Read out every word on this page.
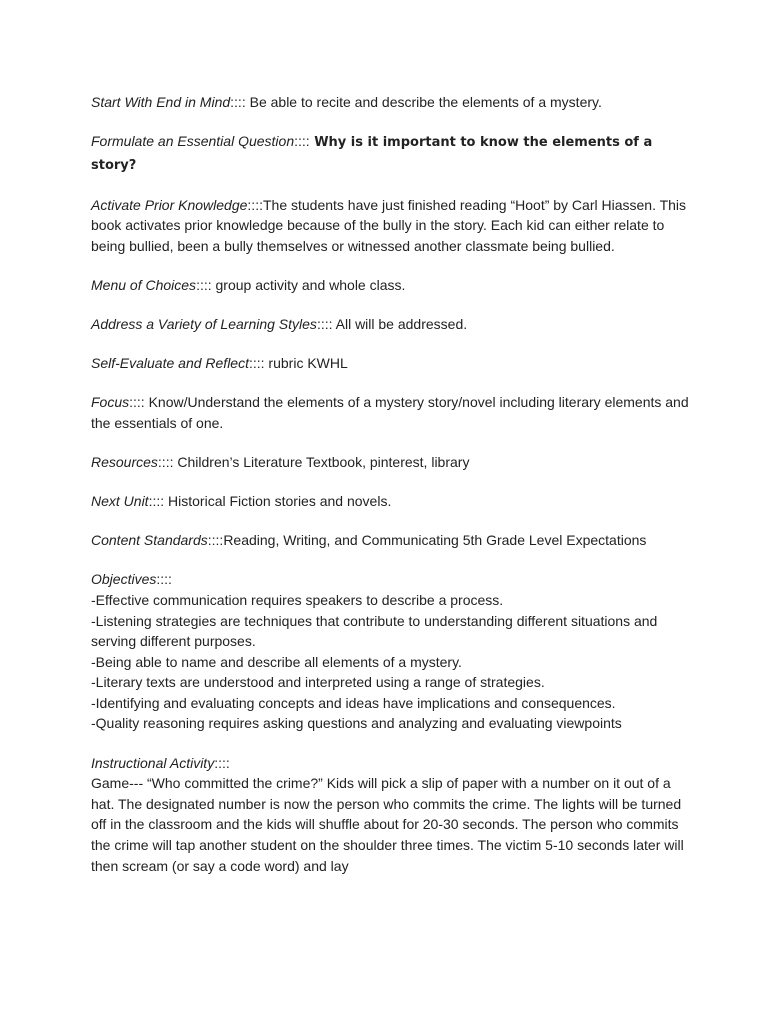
Start With End in Mind:::: Be able to recite and describe the elements of a mystery.

Formulate an Essential Question:::: Why is it important to know the elements of a story?

Activate Prior Knowledge::::The students have just finished reading “Hoot” by Carl Hiassen. This book activates prior knowledge because of the bully in the story. Each kid can either relate to being bullied, been a bully themselves or witnessed another classmate being bullied.

Menu of Choices:::: group activity and whole class.

Address a Variety of Learning Styles:::: All will be addressed.

Self-Evaluate and Reflect:::: rubric KWHL

Focus:::: Know/Understand the elements of a mystery story/novel including literary elements and the essentials of one.

Resources:::: Children’s Literature Textbook, pinterest, library

Next Unit:::: Historical Fiction stories and novels.

Content Standards::::Reading, Writing, and Communicating 5th Grade Level Expectations

Objectives::::
-Effective communication requires speakers to describe a process.
-Listening strategies are techniques that contribute to understanding different situations and serving different purposes.
-Being able to name and describe all elements of a mystery.
-Literary texts are understood and interpreted using a range of strategies.
-Identifying and evaluating concepts and ideas have implications and consequences.
-Quality reasoning requires asking questions and analyzing and evaluating viewpoints
Instructional Activity::::
Game--- “Who committed the crime?” Kids will pick a slip of paper with a number on it out of a hat. The designated number is now the person who commits the crime. The lights will be turned off in the classroom and the kids will shuffle about for 20-30 seconds. The person who commits the crime will tap another student on the shoulder three times. The victim 5-10 seconds later will then scream (or say a code word) and lay
